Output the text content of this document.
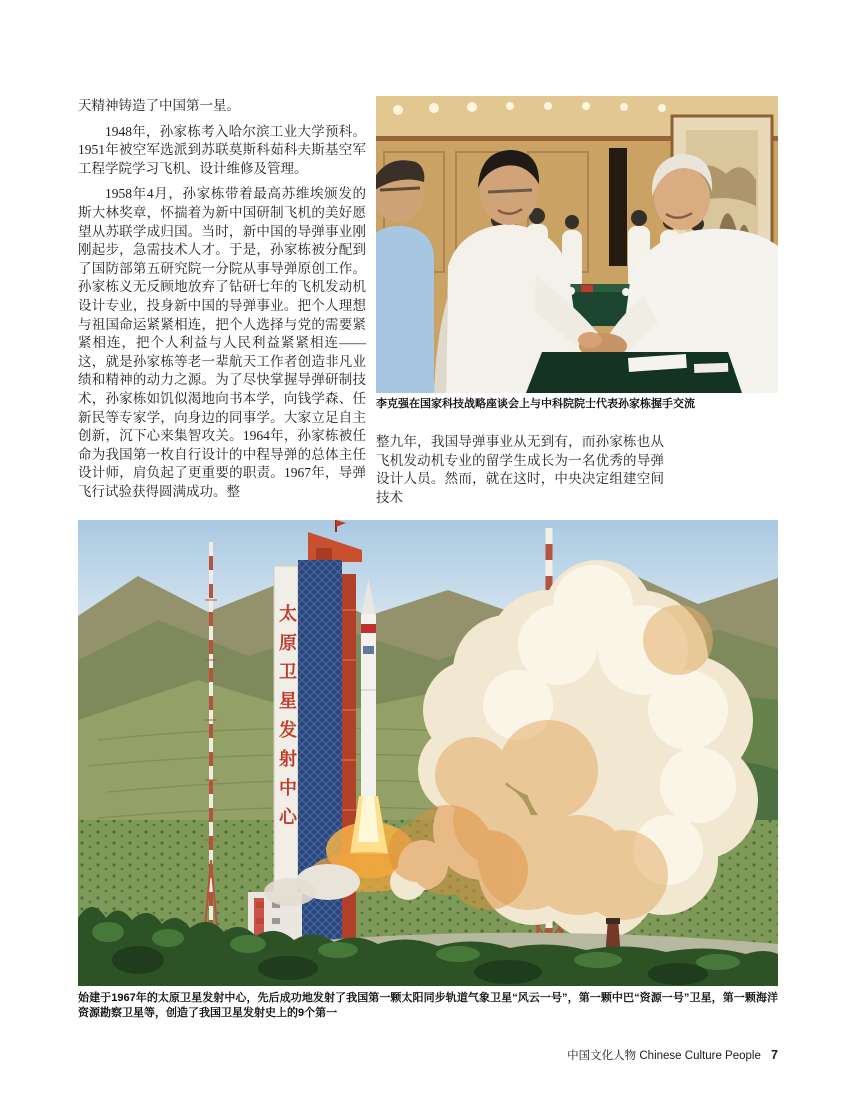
天精神铸造了中国第一星。

1948年，孙家栋考入哈尔滨工业大学预科。1951年被空军选派到苏联莫斯科茹科夫斯基空军工程学院学习飞机、设计维修及管理。

1958年4月，孙家栋带着最高苏维埃颁发的斯大林奖章，怀揣着为新中国研制飞机的美好愿望从苏联学成归国。当时，新中国的导弹事业刚刚起步，急需技术人才。于是，孙家栋被分配到了国防部第五研究院一分院从事导弹原创工作。孙家栋义无反顾地放弃了钻研七年的飞机发动机设计专业，投身新中国的导弹事业。把个人理想与祖国命运紧紧相连，把个人选择与党的需要紧紧相连，把个人利益与人民利益紧紧相连——这，就是孙家栋等老一辈航天工作者创造非凡业绩和精神的动力之源。为了尽快掌握导弹研制技术，孙家栋如饥似渴地向书本学，向钱学森、任新民等专家学，向身边的同事学。大家立足自主创新，沉下心来集智攻关。1964年，孙家栋被任命为我国第一枚自行设计的中程导弹的总体主任设计师，肩负起了更重要的职责。1967年，导弹飞行试验获得圆满成功。整

李克强在国家科技战略座谈会上与中科院院士代表孙家栋握手交流

整九年，我国导弹事业从无到有，而孙家栋也从飞机发动机专业的留学生成长为一名优秀的导弹设计人员。然而，就在这时，中央决定组建空间技术

太原卫星发射中心
始建于1967年的太原卫星发射中心，先后成功地发射了我国第一颗太阳同步轨道气象卫星“风云一号”，第一颗中巴“资源一号”卫星，第一颗海洋资源勘察卫星等，创造了我国卫星发射史上的9个第一
中国文化人物 Chinese Culture People 7
